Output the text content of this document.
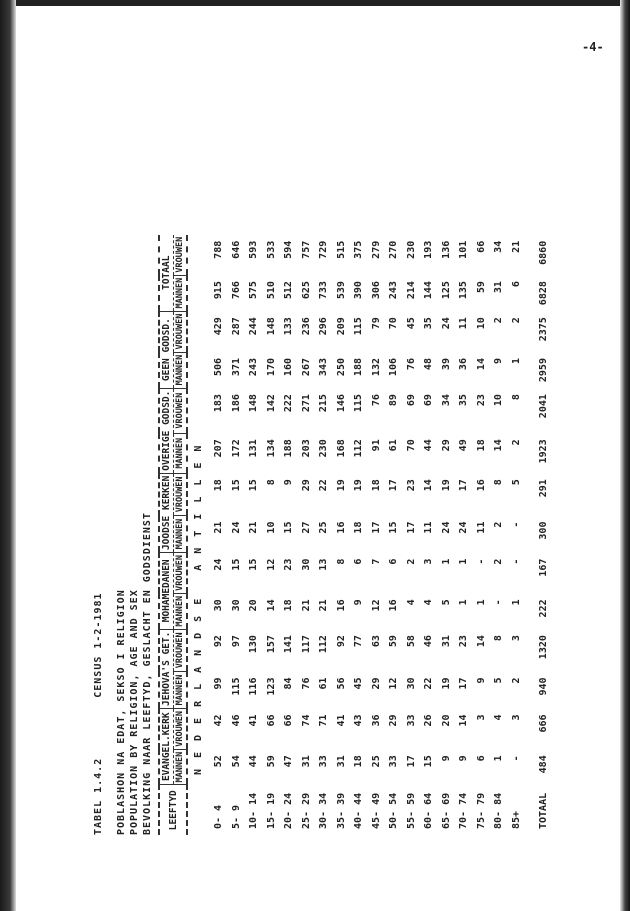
-4-
TABEL 1.4.2
CENSUS 1-2-1981 POBLASHON NA EDAT, SEKSO I RELIGION POPULATION BY RELIGION, AGE AND SEX BEVOLKING NAAR LEEFTYD, GESLACHT EN GODSDIENST LEEFTYD	EVANGEL.KERK		JEHOVA'S GET.		MOHAMEDANEN		JOODSE KERKEN		OVERIGE GODSD.		GEEN GODSD.		TOTAAL	
	MANNEN	VROUWEN	MANNEN	VROUWEN	MANNEN	VROUWEN	MANNEN	VROUWEN	MANNEN	VROUWEN	MANNEN	VROUWEN	MANNEN	VROUWEN
NEDERLANDSE ANTILLEN														
0- 4	52	42	99	92	30	24	21	18	207	183	506	429	915	788
5- 9	54	46	115	97	30	15	24	15	172	186	371	287	766	646
10- 14	44	41	116	130	20	15	21	15	131	148	243	244	575	593
15- 19	59	66	123	157	14	12	10	8	134	142	170	148	510	533
20- 24	47	66	84	141	18	23	15	9	188	222	160	133	512	594
25- 29	31	74	76	117	21	30	27	29	203	271	267	236	625	757
30- 34	33	71	61	112	21	13	25	22	230	215	343	296	733	729
35- 39	31	41	56	92	16	8	16	19	168	146	250	209	539	515
40- 44	18	43	45	77	9	6	18	19	112	115	188	115	390	375
45- 49	25	36	29	63	12	7	17	18	91	76	132	79	306	279
50- 54	33	29	12	59	16	6	15	17	61	89	106	70	243	270
55- 59	17	33	30	58	4	2	17	23	70	69	76	45	214	230
60- 64	15	26	22	46	4	3	11	14	44	69	48	35	144	193
65- 69	9	20	19	31	5	1	24	19	29	34	39	24	125	136
70- 74	9	14	17	23	1	1	24	17	49	35	36	11	135	101
75- 79	6	3	9	14	1	-	11	16	18	23	14	10	59	66
80- 84	1	4	5	8	-	2	2	8	14	10	9	2	31	34
85+	-	3	2	3	1	-	-	5	2	8	1	2	6	21
TOTAAL	484	666	940	1320	222	167	300	291	1923	2041	2959	2375	6828	6860
